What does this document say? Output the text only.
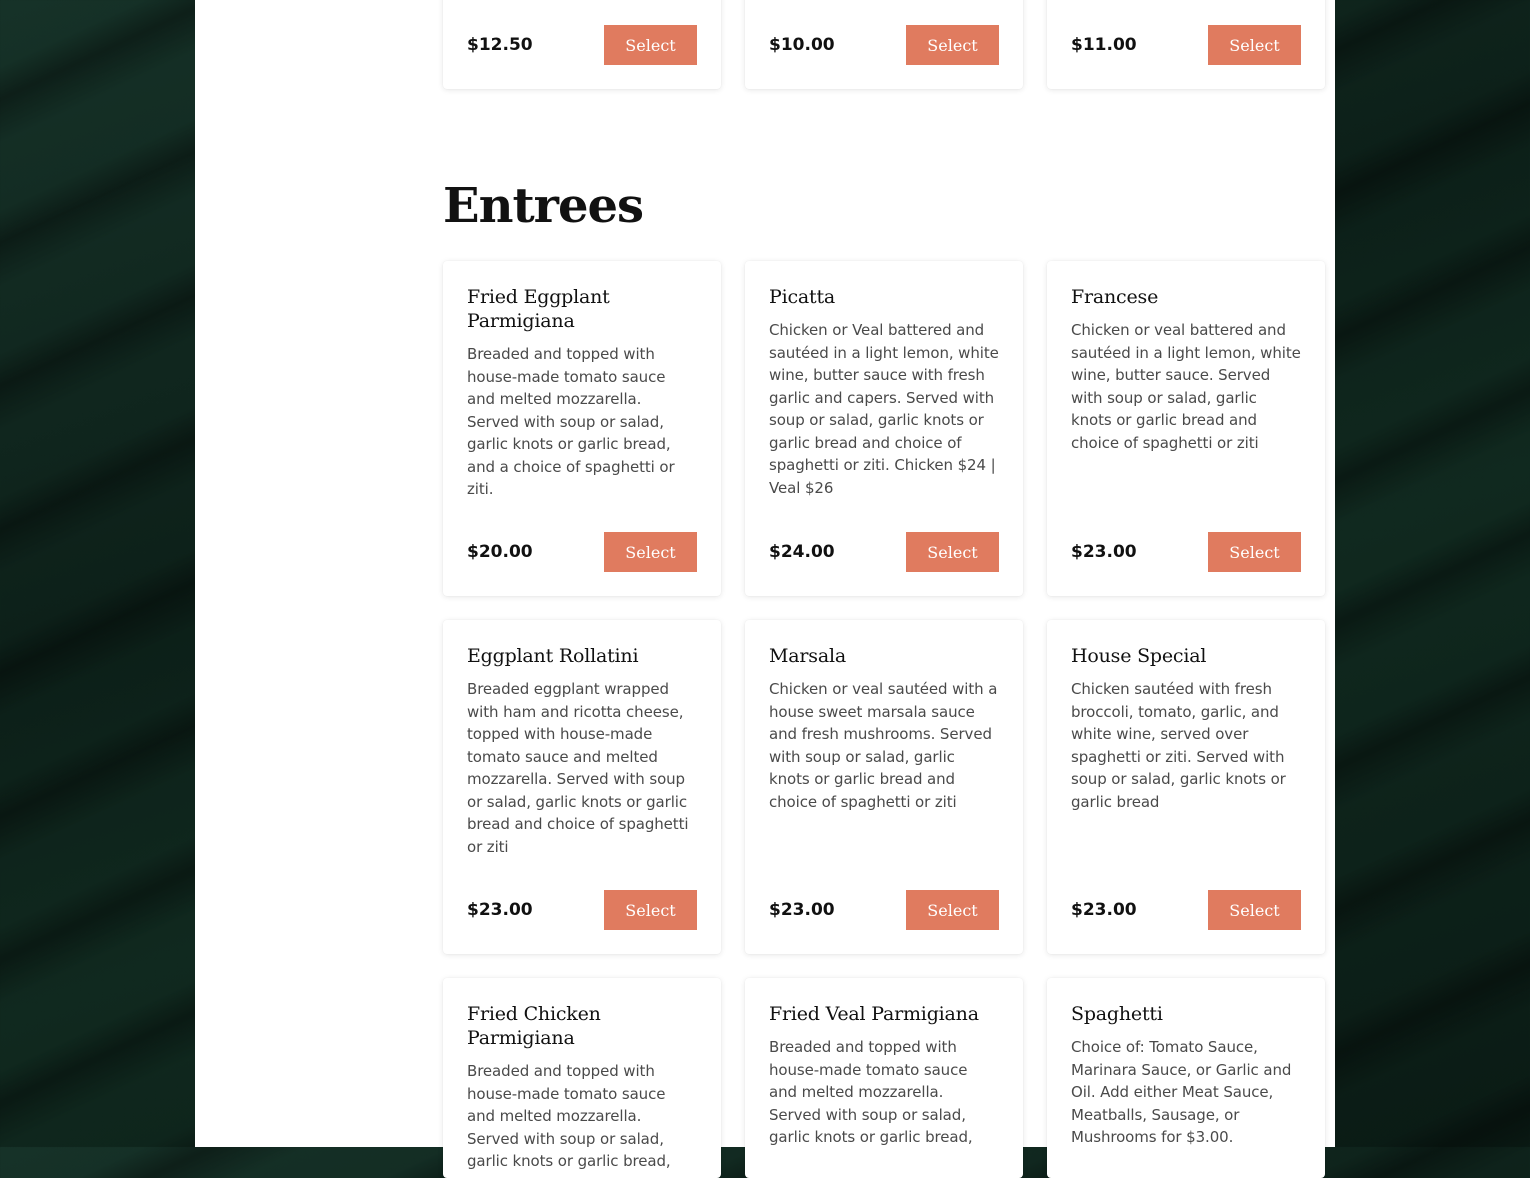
$12.50	Select	$10.00	Select	$11.00	Select
Entrees
Fried Eggplant Parmigiana
Breaded and topped with house-made tomato sauce and melted mozzarella. Served with soup or salad, garlic knots or garlic bread, and a choice of spaghetti or ziti.
$20.00	Select
Picatta
Chicken or Veal battered and sautéed in a light lemon, white wine, butter sauce with fresh garlic and capers. Served with soup or salad, garlic knots or garlic bread and choice of spaghetti or ziti. Chicken $24 | Veal $26
$24.00	Select
Francese
Chicken or veal battered and sautéed in a light lemon, white wine, butter sauce. Served with soup or salad, garlic knots or garlic bread and choice of spaghetti or ziti
$23.00	Select
Eggplant Rollatini
Breaded eggplant wrapped with ham and ricotta cheese, topped with house-made tomato sauce and melted mozzarella. Served with soup or salad, garlic knots or garlic bread and choice of spaghetti or ziti
$23.00	Select
Marsala
Chicken or veal sautéed with a house sweet marsala sauce and fresh mushrooms. Served with soup or salad, garlic knots or garlic bread and choice of spaghetti or ziti
$23.00	Select
House Special
Chicken sautéed with fresh broccoli, tomato, garlic, and white wine, served over spaghetti or ziti. Served with soup or salad, garlic knots or garlic bread
$23.00	Select
Fried Chicken Parmigiana
Breaded and topped with house-made tomato sauce and melted mozzarella. Served with soup or salad, garlic knots or garlic bread,
Fried Veal Parmigiana
Breaded and topped with house-made tomato sauce and melted mozzarella. Served with soup or salad, garlic knots or garlic bread,
Spaghetti
Choice of: Tomato Sauce, Marinara Sauce, or Garlic and Oil. Add either Meat Sauce, Meatballs, Sausage, or Mushrooms for $3.00.
